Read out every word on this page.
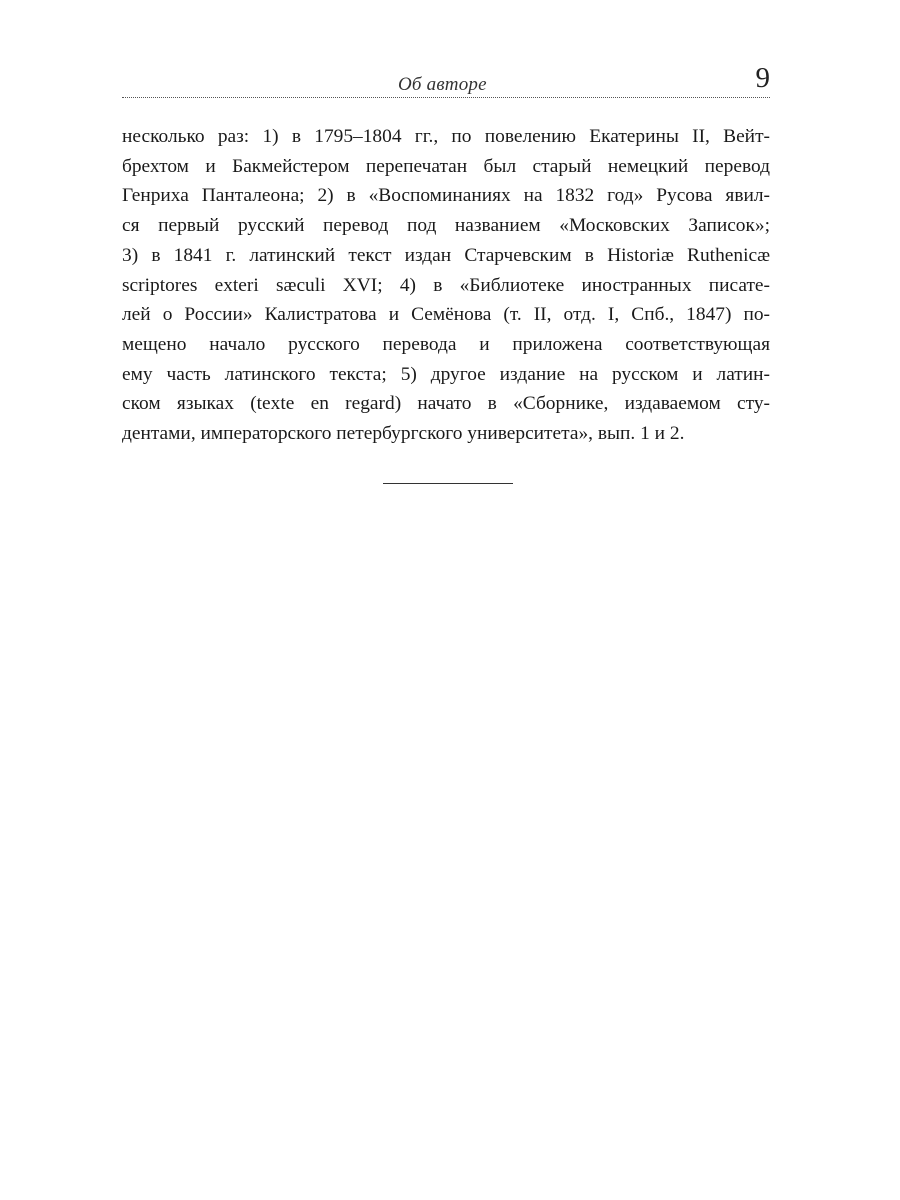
Об авторе	9
несколько раз: 1) в 1795–1804 гг., по повелению Екатерины II, Вейт-
брехтом и Бакмейстером перепечатан был старый немецкий перевод
Генриха Панталеона; 2) в «Воспоминаниях на 1832 год» Русова явил-
ся первый русский перевод под названием «Московских Записок»;
3) в 1841 г. латинский текст издан Старчевским в Historiæ Ruthenicæ
scriptores exteri sæculi XVI; 4) в «Библиотеке иностранных писате-
лей о России» Калистратова и Семёнова (т. II, отд. I, Спб., 1847) по-
мещено начало русского перевода и приложена соответствующая
ему часть латинского текста; 5) другое издание на русском и латин-
ском языках (texte en regard) начато в «Сборнике, издаваемом сту-
дентами, императорского петербургского университета», вып. 1 и 2.
